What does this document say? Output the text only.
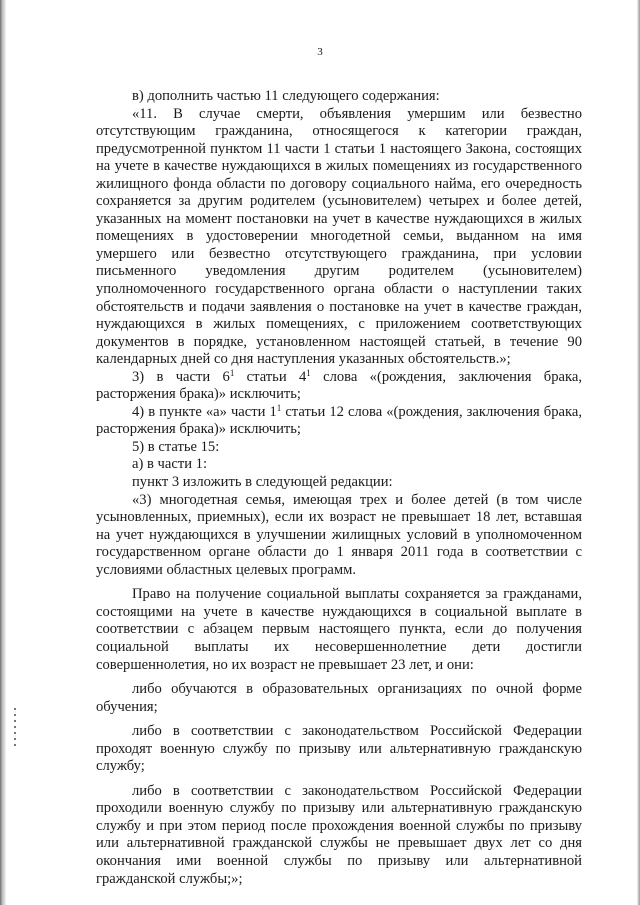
3

в) дополнить частью 11 следующего содержания:

«11. В случае смерти, объявления умершим или безвестно отсутствующим гражданина, относящегося к категории граждан, предусмотренной пунктом 11 части 1 статьи 1 настоящего Закона, состоящих на учете в качестве нуждающихся в жилых помещениях из государственного жилищного фонда области по договору социального найма, его очередность сохраняется за другим родителем (усыновителем) четырех и более детей, указанных на момент постановки на учет в качестве нуждающихся в жилых помещениях в удостоверении многодетной семьи, выданном на имя умершего или безвестно отсутствующего гражданина, при условии письменного уведомления другим родителем (усыновителем) уполномоченного государственного органа области о наступлении таких обстоятельств и подачи заявления о постановке на учет в качестве граждан, нуждающихся в жилых помещениях, с приложением соответствующих документов в порядке, установленном настоящей статьей, в течение 90 календарных дней со дня наступления указанных обстоятельств.»;

3) в части $6^1$ статьи $4^1$ слова «(рождения, заключения брака, расторжения брака)» исключить;

4) в пункте «а» части $1^1$ статьи 12 слова «(рождения, заключения брака, расторжения брака)» исключить;

5) в статье 15:

а) в части 1:

пункт 3 изложить в следующей редакции:

«3) многодетная семья, имеющая трех и более детей (в том числе усыновленных, приемных), если их возраст не превышает 18 лет, вставшая на учет нуждающихся в улучшении жилищных условий в уполномоченном государственном органе области до 1 января 2011 года в соответствии с условиями областных целевых программ.

Право на получение социальной выплаты сохраняется за гражданами, состоящими на учете в качестве нуждающихся в социальной выплате в соответствии с абзацем первым настоящего пункта, если до получения социальной выплаты их несовершеннолетние дети достигли совершеннолетия, но их возраст не превышает 23 лет, и они:

либо обучаются в образовательных организациях по очной форме обучения;

либо в соответствии с законодательством Российской Федерации проходят военную службу по призыву или альтернативную гражданскую службу;

либо в соответствии с законодательством Российской Федерации проходили военную службу по призыву или альтернативную гражданскую службу и при этом период после прохождения военной службы по призыву или альтернативной гражданской службы не превышает двух лет со дня окончания ими военной службы по призыву или альтернативной гражданской службы;»;
